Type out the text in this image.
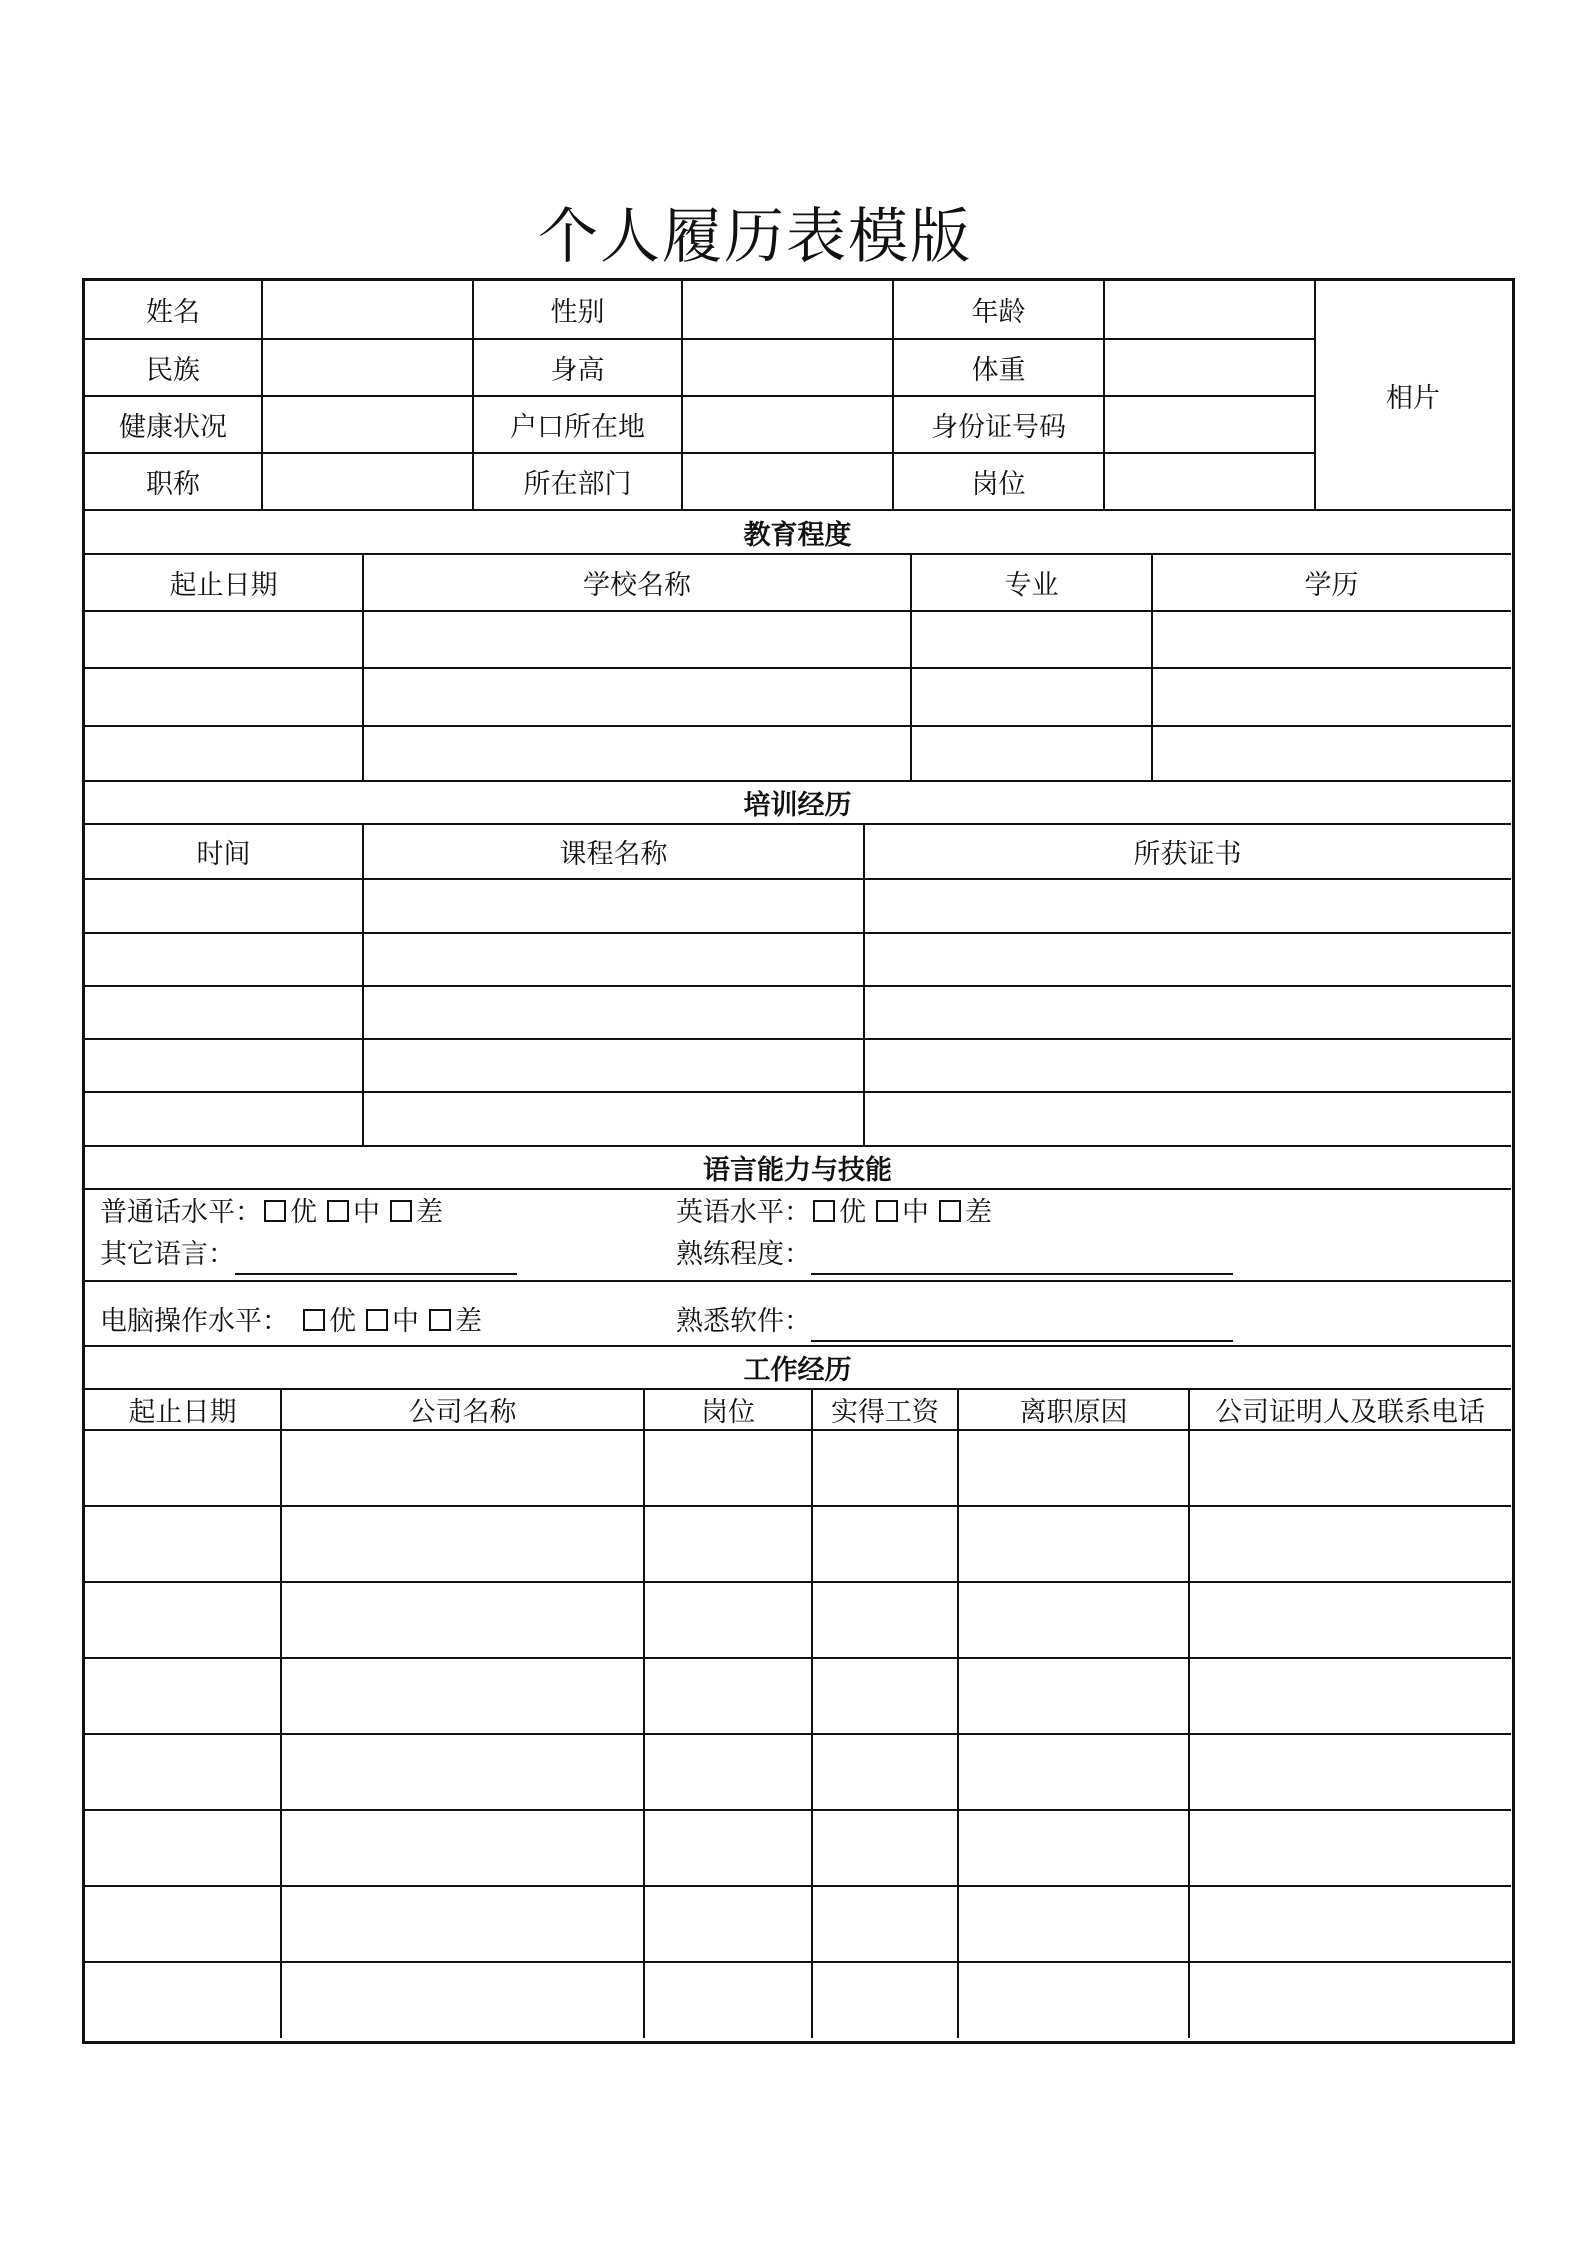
个人履历表模版
姓名	性别	年龄
民族	身高	体重
健康状况	户口所在地	身份证号码
职称	所在部门	岗位
相片
教育程度
起止日期	学校名称	专业	学历
培训经历
时间	课程名称	所获证书
语言能力与技能
普通话水平： 优 中 差	英语水平： 优 中 差
其它语言：	熟练程度：
电脑操作水平： 优 中 差	熟悉软件：
工作经历
起止日期	公司名称	岗位	实得工资	离职原因	公司证明人及联系电话
